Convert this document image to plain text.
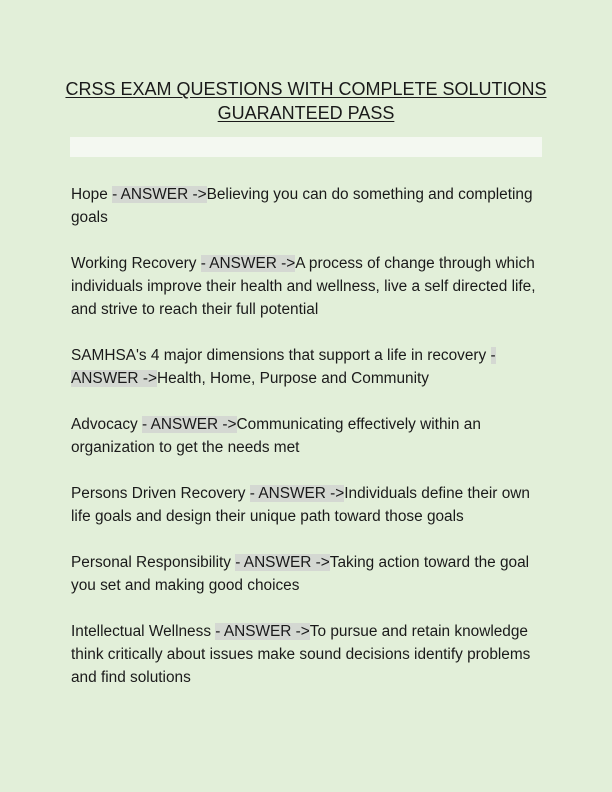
CRSS EXAM QUESTIONS WITH COMPLETE SOLUTIONS
GUARANTEED PASS

Hope - ANSWER ->Believing you can do something and completing goals

Working Recovery - ANSWER ->A process of change through which individuals improve their health and wellness, live a self directed life, and strive to reach their full potential

SAMHSA's 4 major dimensions that support a life in recovery - ANSWER ->Health, Home, Purpose and Community

Advocacy - ANSWER ->Communicating effectively within an organization to get the needs met

Persons Driven Recovery - ANSWER ->Individuals define their own life goals and design their unique path toward those goals

Personal Responsibility - ANSWER ->Taking action toward the goal you set and making good choices

Intellectual Wellness - ANSWER ->To pursue and retain knowledge think critically about issues make sound decisions identify problems and find solutions
